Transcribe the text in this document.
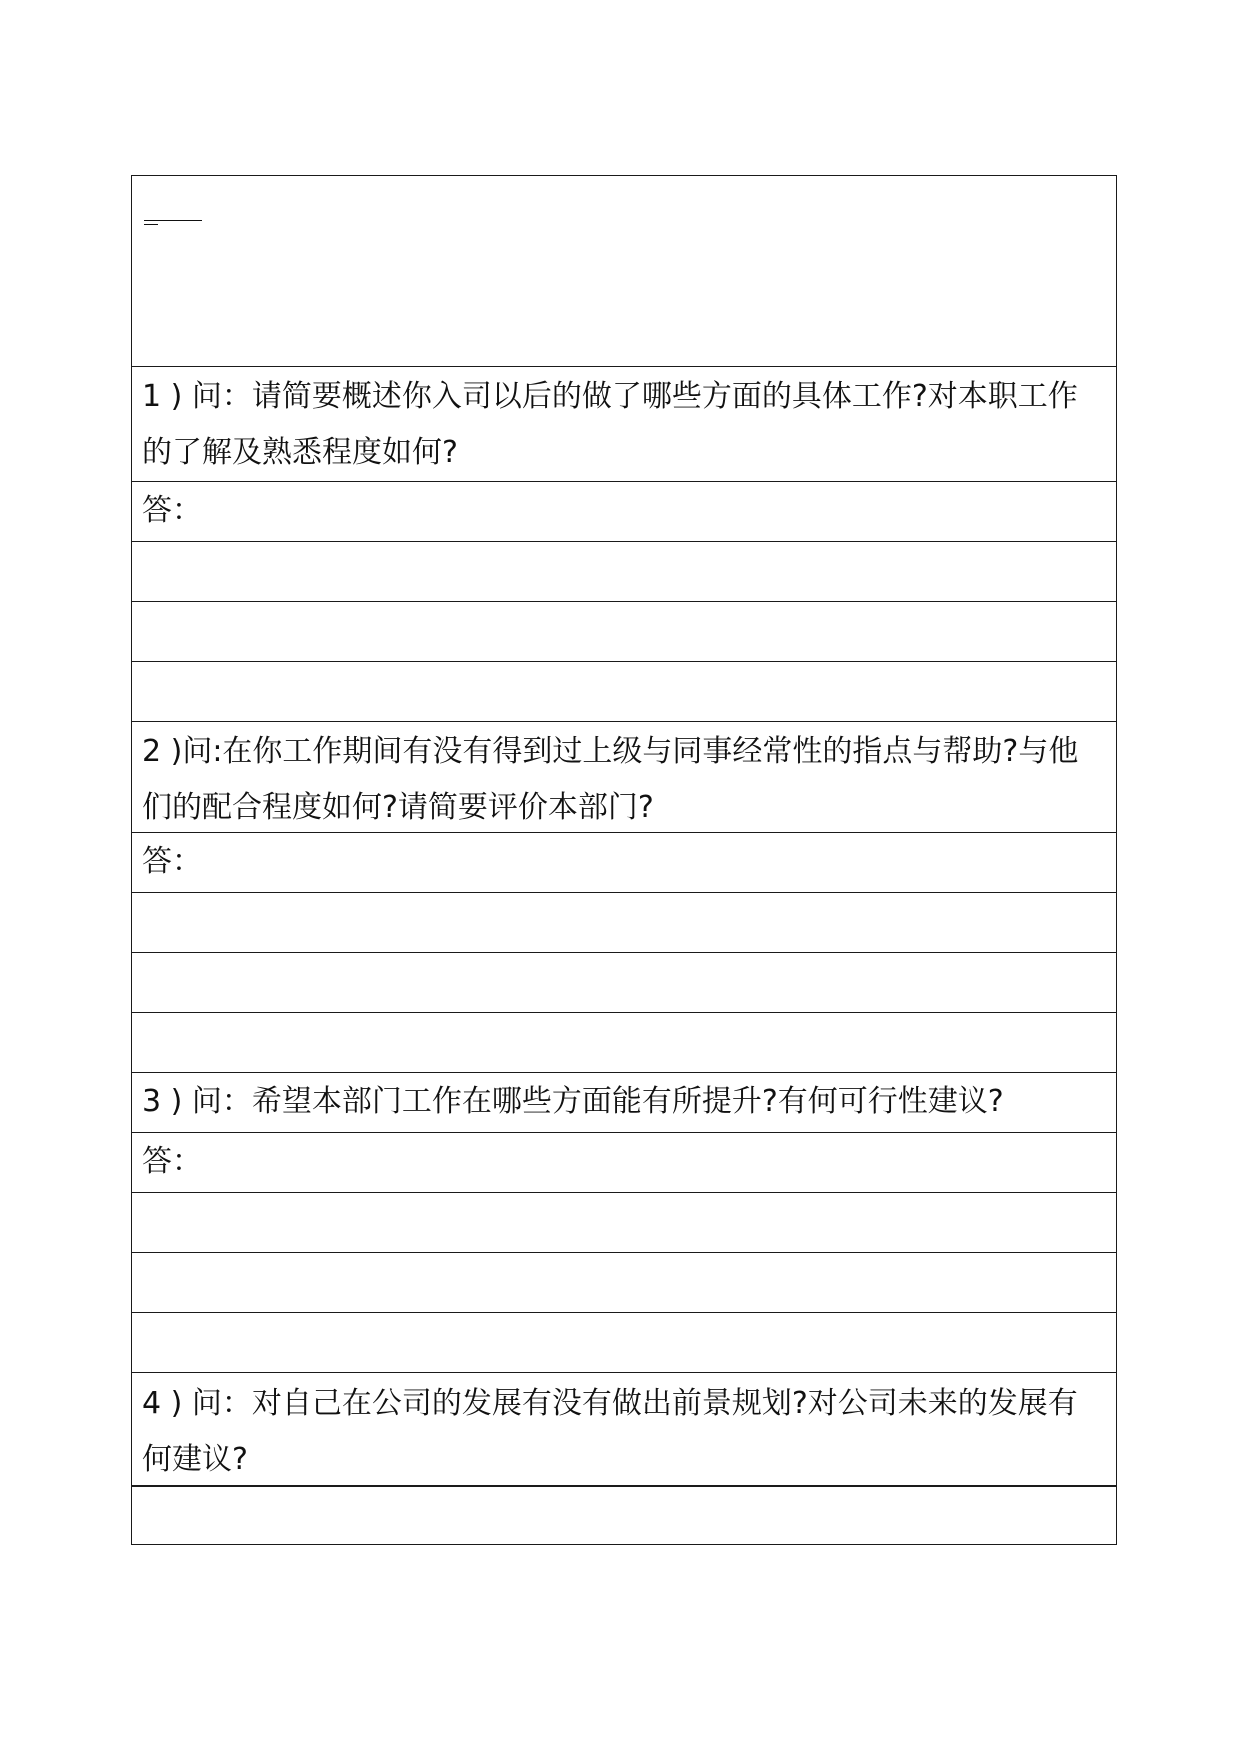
1 ) 问：请简要概述你入司以后的做了哪些方面的具体工作?对本职工作的了解及熟悉程度如何?
答：
2 )问:在你工作期间有没有得到过上级与同事经常性的指点与帮助?与他们的配合程度如何?请简要评价本部门?
答：
3 ) 问：希望本部门工作在哪些方面能有所提升?有何可行性建议?
答：
4 ) 问：对自己在公司的发展有没有做出前景规划?对公司未来的发展有何建议?
